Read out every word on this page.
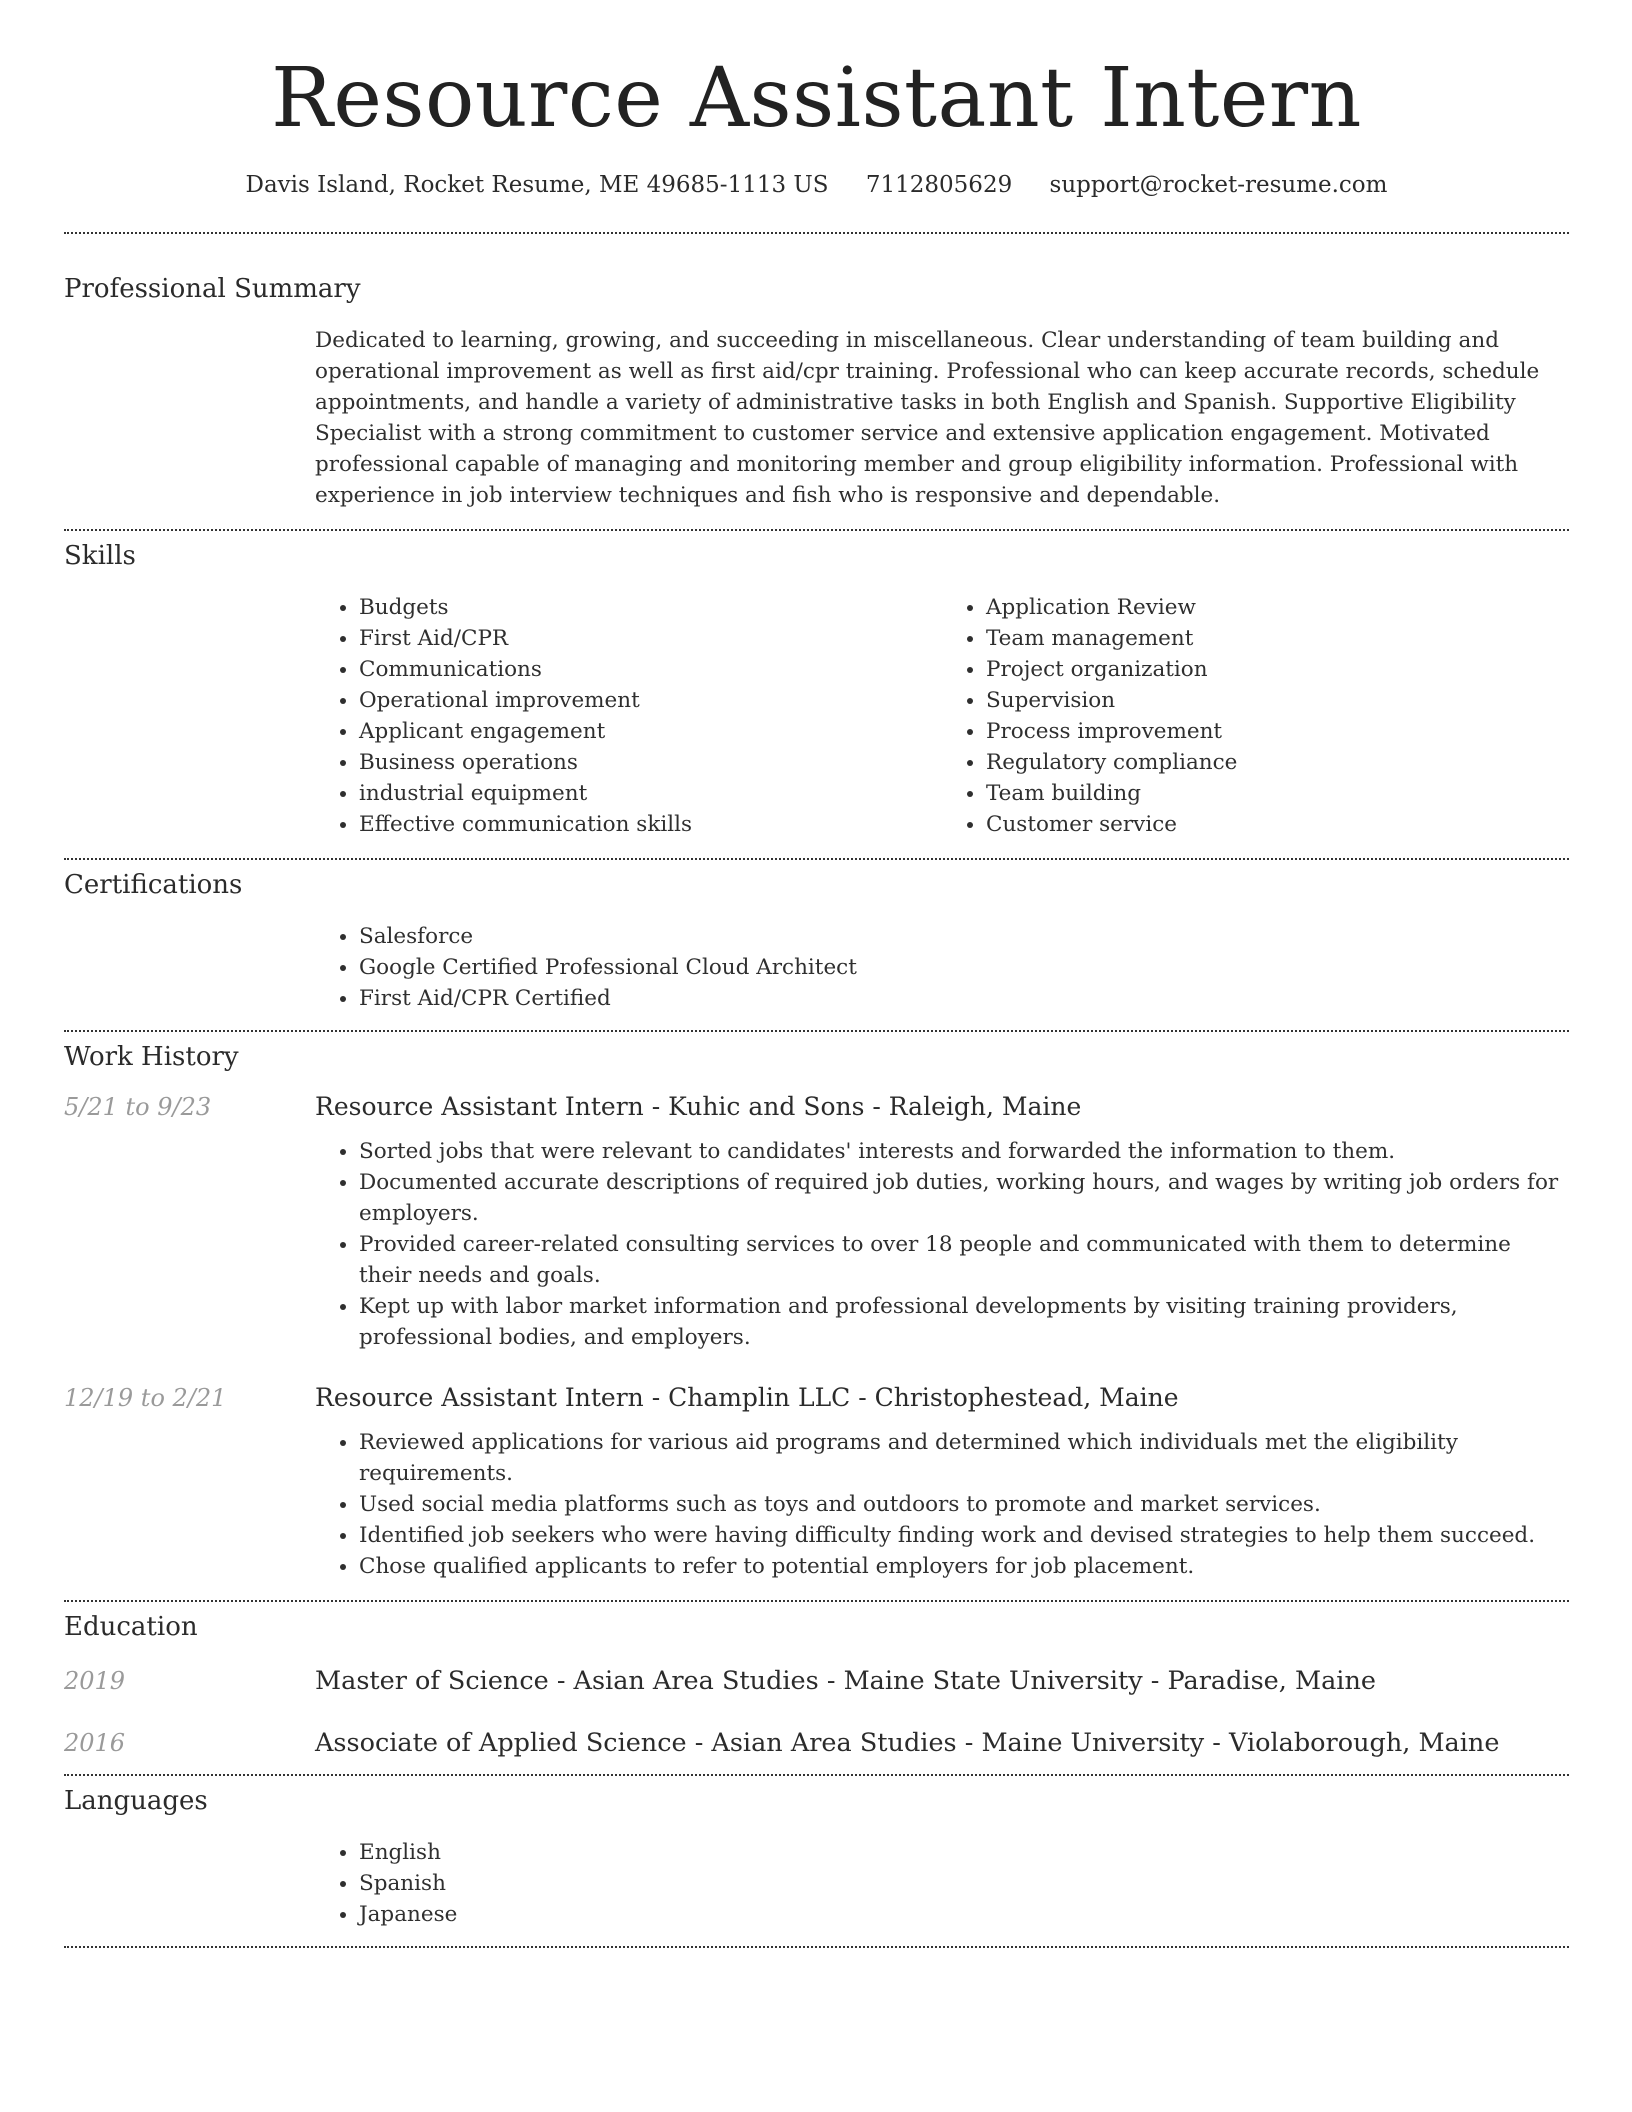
Resource Assistant Intern
Davis Island, Rocket Resume, ME 49685-1113 US 7112805629 support@rocket-resume.com
Professional Summary
Dedicated to learning, growing, and succeeding in miscellaneous. Clear understanding of team building and operational improvement as well as first aid/cpr training. Professional who can keep accurate records, schedule appointments, and handle a variety of administrative tasks in both English and Spanish. Supportive Eligibility Specialist with a strong commitment to customer service and extensive application engagement. Motivated professional capable of managing and monitoring member and group eligibility information. Professional with experience in job interview techniques and fish who is responsive and dependable.
Skills
• Budgets
• First Aid/CPR
• Communications
• Operational improvement
• Applicant engagement
• Business operations
• industrial equipment
• Effective communication skills
• Application Review
• Team management
• Project organization
• Supervision
• Process improvement
• Regulatory compliance
• Team building
• Customer service
Certifications
• Salesforce
• Google Certified Professional Cloud Architect
• First Aid/CPR Certified
Work History
5/21 to 9/23	Resource Assistant Intern - Kuhic and Sons - Raleigh, Maine
• Sorted jobs that were relevant to candidates' interests and forwarded the information to them.
• Documented accurate descriptions of required job duties, working hours, and wages by writing job orders for employers.
• Provided career-related consulting services to over 18 people and communicated with them to determine their needs and goals.
• Kept up with labor market information and professional developments by visiting training providers, professional bodies, and employers.
12/19 to 2/21	Resource Assistant Intern - Champlin LLC - Christophestead, Maine
• Reviewed applications for various aid programs and determined which individuals met the eligibility requirements.
• Used social media platforms such as toys and outdoors to promote and market services.
• Identified job seekers who were having difficulty finding work and devised strategies to help them succeed.
• Chose qualified applicants to refer to potential employers for job placement.
Education
2019	Master of Science - Asian Area Studies - Maine State University - Paradise, Maine
2016	Associate of Applied Science - Asian Area Studies - Maine University - Violaborough, Maine
Languages
• English
• Spanish
• Japanese
